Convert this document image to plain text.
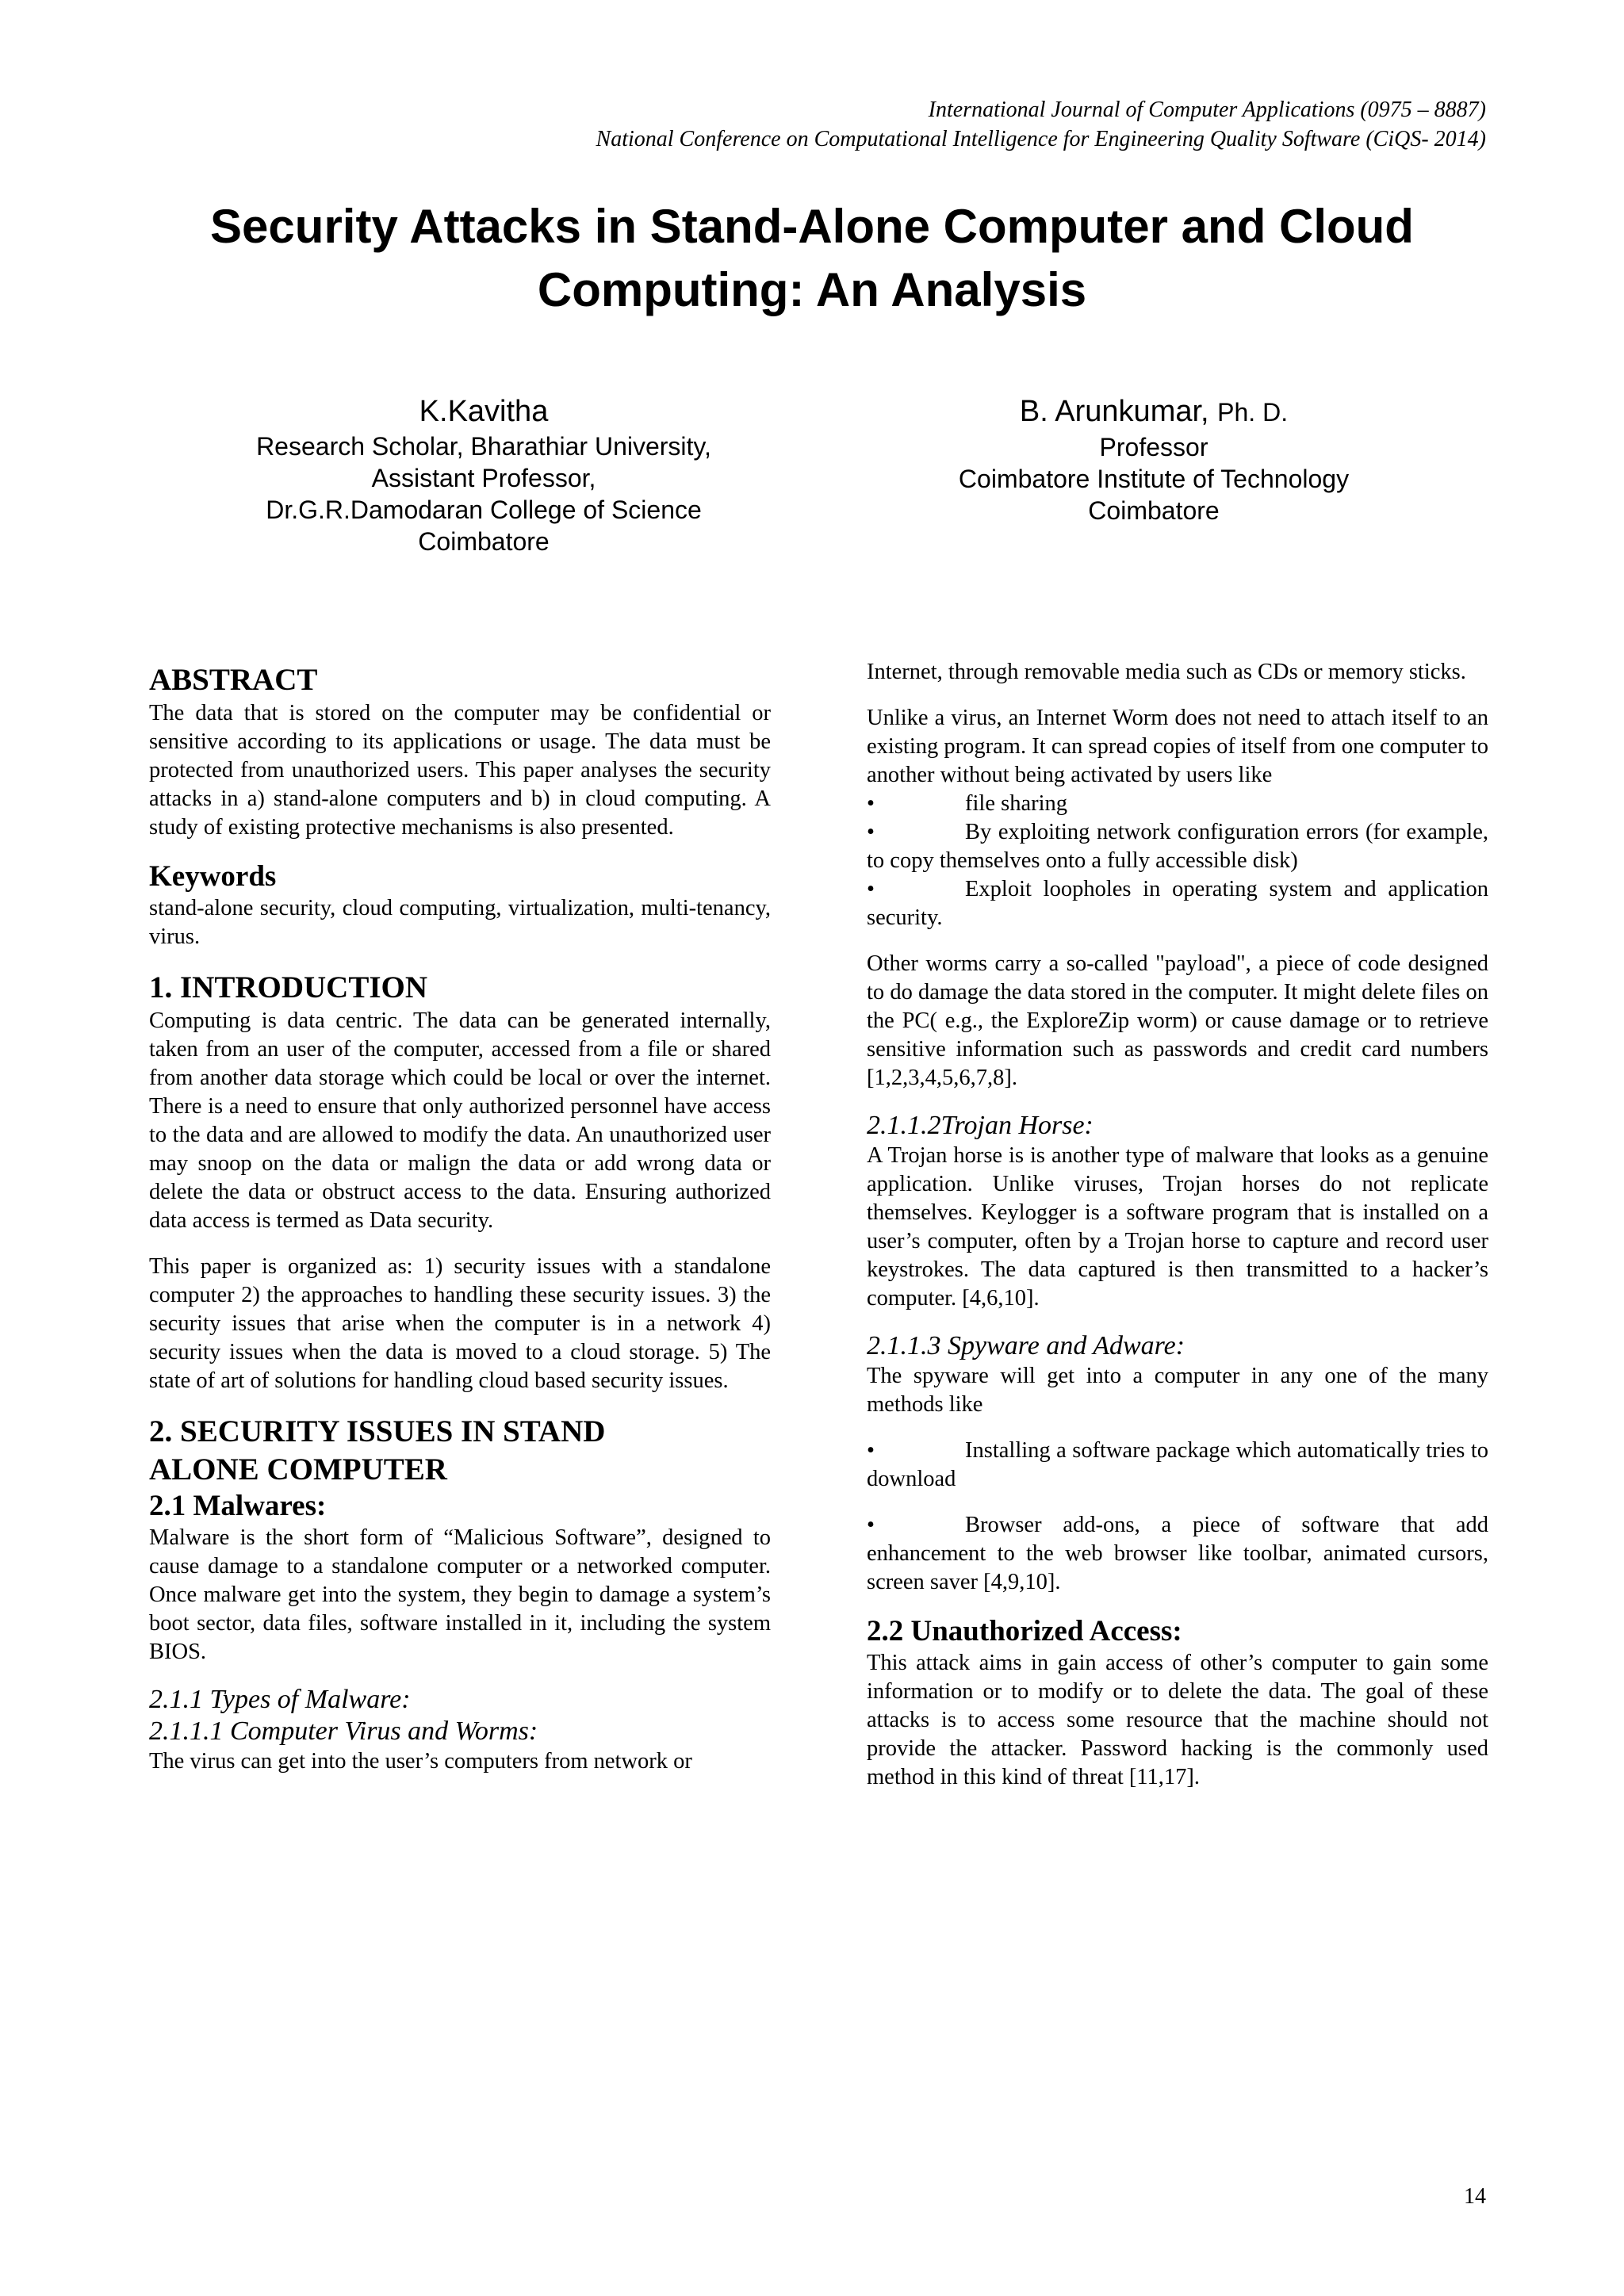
International Journal of Computer Applications (0975 – 8887)
National Conference on Computational Intelligence for Engineering Quality Software (CiQS- 2014)
Security Attacks in Stand-Alone Computer and Cloud Computing: An Analysis
K.Kavitha
Research Scholar, Bharathiar University,
Assistant Professor,
Dr.G.R.Damodaran College of Science
Coimbatore
B. Arunkumar, Ph. D.
Professor
Coimbatore Institute of Technology
Coimbatore
ABSTRACT

The data that is stored on the computer may be confidential or sensitive according to its applications or usage. The data must be protected from unauthorized users. This paper analyses the security attacks in a) stand-alone computers and b) in cloud computing. A study of existing protective mechanisms is also presented.

Keywords

stand-alone security, cloud computing, virtualization, multi-tenancy, virus.

1. INTRODUCTION

Computing is data centric. The data can be generated internally, taken from an user of the computer, accessed from a file or shared from another data storage which could be local or over the internet. There is a need to ensure that only authorized personnel have access to the data and are allowed to modify the data. An unauthorized user may snoop on the data or malign the data or add wrong data or delete the data or obstruct access to the data. Ensuring authorized data access is termed as Data security.

This paper is organized as: 1) security issues with a standalone computer 2) the approaches to handling these security issues. 3) the security issues that arise when the computer is in a network 4) security issues when the data is moved to a cloud storage. 5) The state of art of solutions for handling cloud based security issues.

2. SECURITY ISSUES IN STAND
ALONE COMPUTER
2.1 Malwares:

Malware is the short form of “Malicious Software”, designed to cause damage to a standalone computer or a networked computer. Once malware get into the system, they begin to damage a system’s boot sector, data files, software installed in it, including the system BIOS.

2.1.1 Types of Malware:
2.1.1.1 Computer Virus and Worms:

The virus can get into the user’s computers from network or

Internet, through removable media such as CDs or memory sticks.

Unlike a virus, an Internet Worm does not need to attach itself to an existing program. It can spread copies of itself from one computer to another without being activated by users like

•	file sharing
•	By exploiting network configuration errors (for example, to copy themselves onto a fully accessible disk)
•	Exploit loopholes in operating system and application security.

Other worms carry a so-called "payload", a piece of code designed to do damage the data stored in the computer. It might delete files on the PC( e.g., the ExploreZip worm) or cause damage or to retrieve sensitive information such as passwords and credit card numbers [1,2,3,4,5,6,7,8].

2.1.1.2Trojan Horse:

A Trojan horse is is another type of malware that looks as a genuine application. Unlike viruses, Trojan horses do not replicate themselves. Keylogger is a software program that is installed on a user’s computer, often by a Trojan horse to capture and record user keystrokes. The data captured is then transmitted to a hacker’s computer. [4,6,10].

2.1.1.3 Spyware and Adware:

The spyware will get into a computer in any one of the many methods like

•	Installing a software package which automatically tries to download
•	Browser add-ons, a piece of software that add enhancement to the web browser like toolbar, animated cursors, screen saver [4,9,10].
2.2 Unauthorized Access:

This attack aims in gain access of other’s computer to gain some information or to modify or to delete the data. The goal of these attacks is to access some resource that the machine should not provide the attacker. Password hacking is the commonly used method in this kind of threat [11,17].

14
